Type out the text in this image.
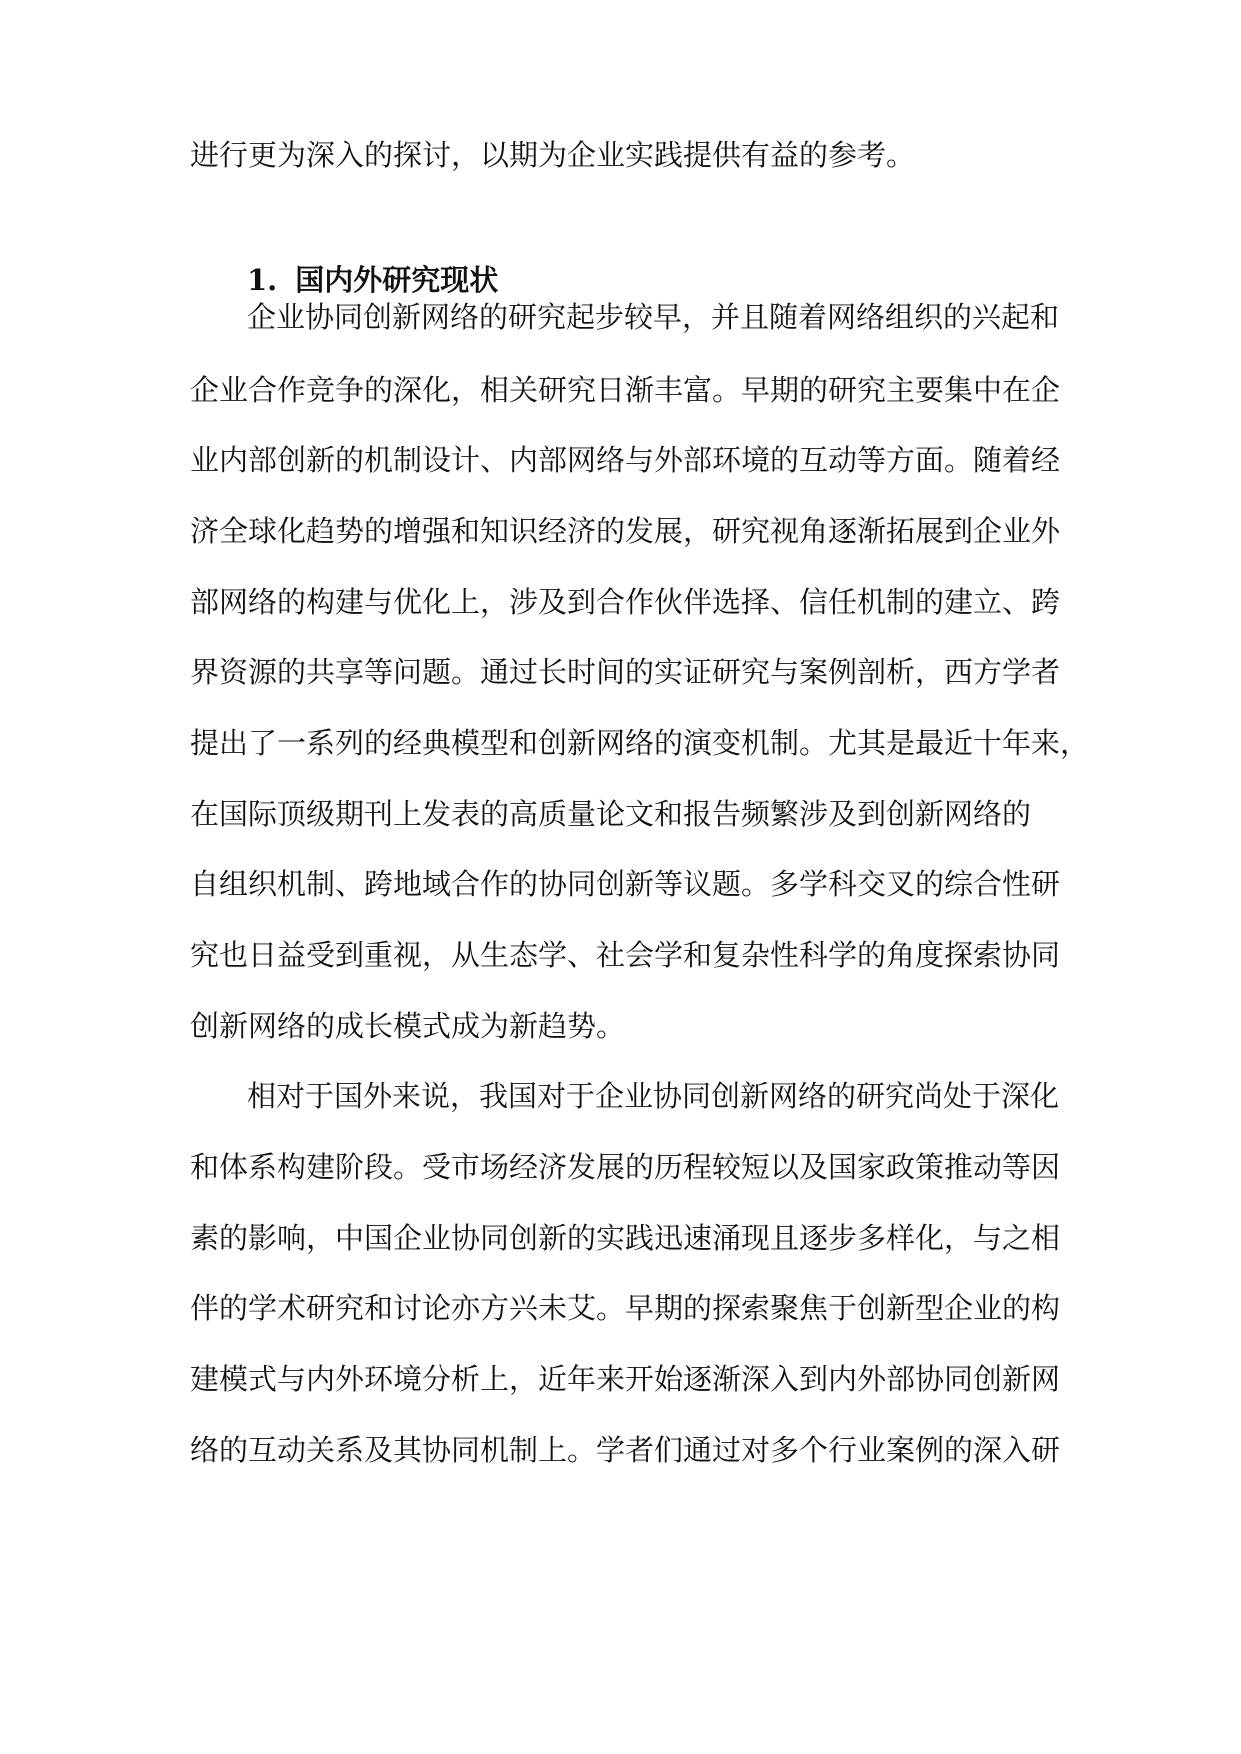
进行更为深入的探讨，以期为企业实践提供有益的参考。
1. 国内外研究现状
企业协同创新网络的研究起步较早，并且随着网络组织的兴起和
企业合作竞争的深化，相关研究日渐丰富。早期的研究主要集中在企
业内部创新的机制设计、内部网络与外部环境的互动等方面。随着经
济全球化趋势的增强和知识经济的发展，研究视角逐渐拓展到企业外
部网络的构建与优化上，涉及到合作伙伴选择、信任机制的建立、跨
界资源的共享等问题。通过长时间的实证研究与案例剖析，西方学者
提出了一系列的经典模型和创新网络的演变机制。尤其是最近十年来，
在国际顶级期刊上发表的高质量论文和报告频繁涉及到创新网络的
自组织机制、跨地域合作的协同创新等议题。多学科交叉的综合性研
究也日益受到重视，从生态学、社会学和复杂性科学的角度探索协同
创新网络的成长模式成为新趋势。
相对于国外来说，我国对于企业协同创新网络的研究尚处于深化
和体系构建阶段。受市场经济发展的历程较短以及国家政策推动等因
素的影响，中国企业协同创新的实践迅速涌现且逐步多样化，与之相
伴的学术研究和讨论亦方兴未艾。早期的探索聚焦于创新型企业的构
建模式与内外环境分析上，近年来开始逐渐深入到内外部协同创新网
络的互动关系及其协同机制上。学者们通过对多个行业案例的深入研
